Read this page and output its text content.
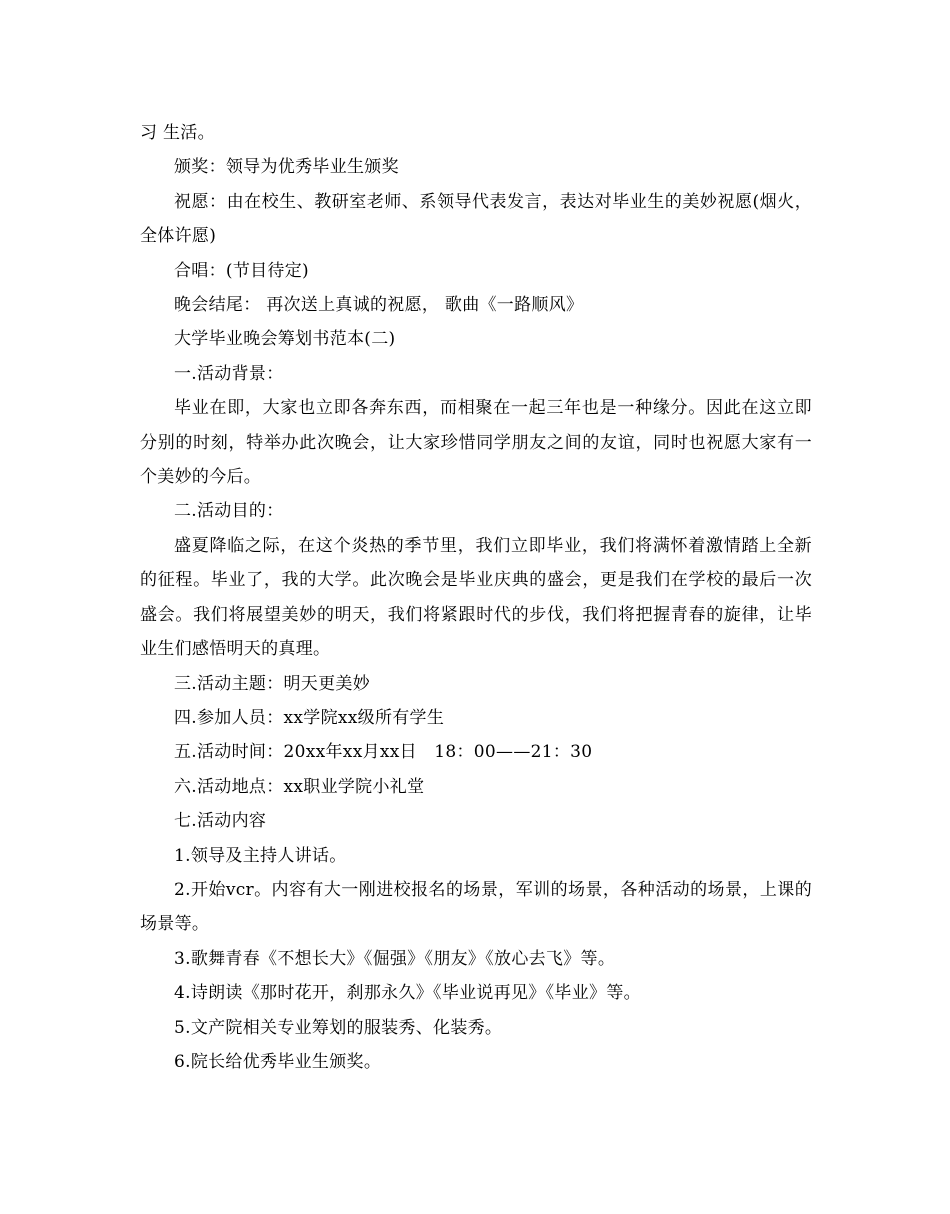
习 生活。

颁奖：领导为优秀毕业生颁奖

祝愿：由在校生、教研室老师、系领导代表发言，表达对毕业生的美妙祝愿(烟火，全体许愿)

合唱：(节目待定)

晚会结尾： 再次送上真诚的祝愿， 歌曲《一路顺风》

大学毕业晚会筹划书范本(二)

一.活动背景：

毕业在即，大家也立即各奔东西，而相聚在一起三年也是一种缘分。因此在这立即分别的时刻，特举办此次晚会，让大家珍惜同学朋友之间的友谊，同时也祝愿大家有一个美妙的今后。

二.活动目的：

盛夏降临之际，在这个炎热的季节里，我们立即毕业，我们将满怀着激情踏上全新的征程。毕业了，我的大学。此次晚会是毕业庆典的盛会，更是我们在学校的最后一次盛会。我们将展望美妙的明天，我们将紧跟时代的步伐，我们将把握青春的旋律，让毕业生们感悟明天的真理。

三.活动主题：明天更美妙

四.参加人员：xx学院xx级所有学生

五.活动时间：20xx年xx月xx日　18：00——21：30

六.活动地点：xx职业学院小礼堂

七.活动内容

1.领导及主持人讲话。

2.开始vcr。内容有大一刚进校报名的场景，军训的场景，各种活动的场景，上课的场景等。

3.歌舞青春《不想长大》《倔强》《朋友》《放心去飞》等。

4.诗朗读《那时花开，刹那永久》《毕业说再见》《毕业》等。

5.文产院相关专业筹划的服装秀、化装秀。

6.院长给优秀毕业生颁奖。
